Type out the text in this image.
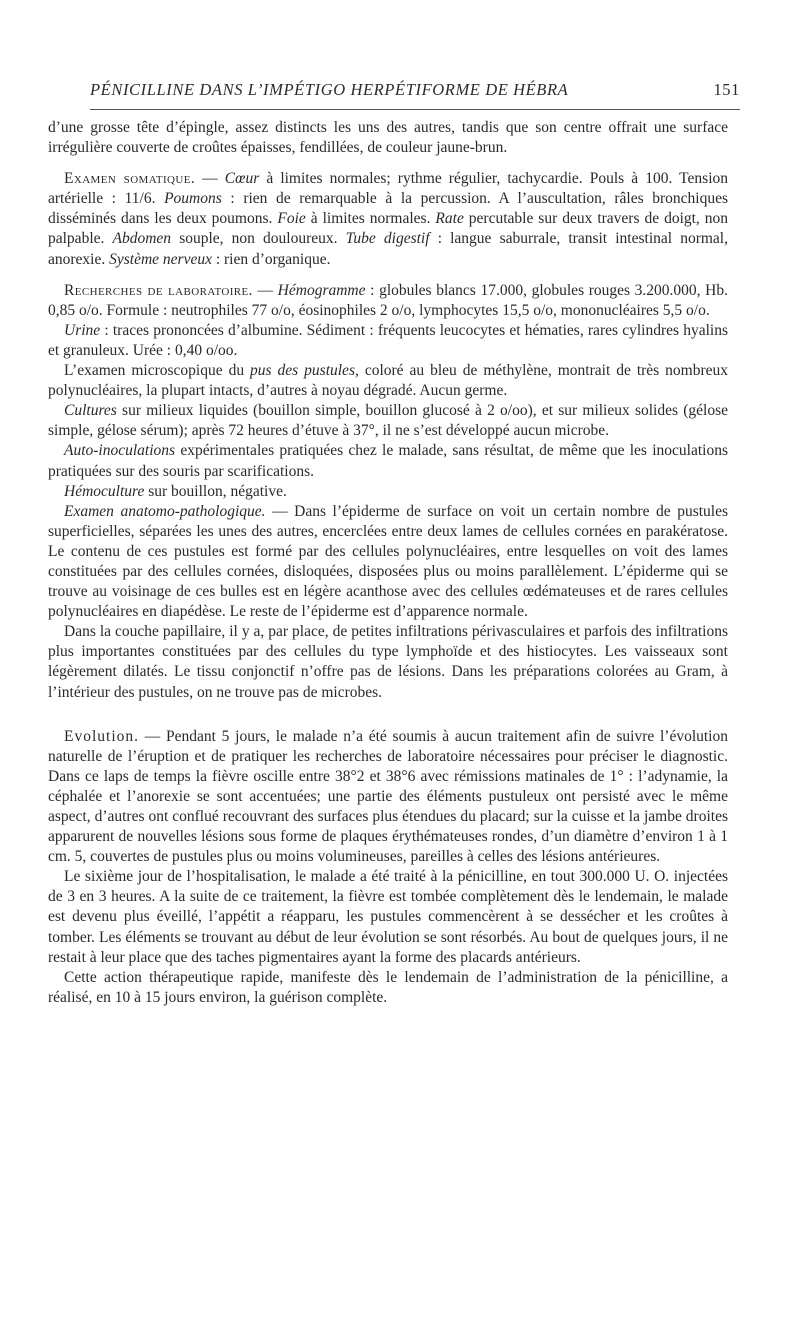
PÉNICILLINE DANS L’IMPÉTIGO HERPÉTIFORME DE HÉBRA	151

d’une grosse tête d’épingle, assez distincts les uns des autres, tandis que son centre offrait une surface irrégulière couverte de croûtes épaisses, fendillées, de couleur jaune-brun.

Examen somatique. — Cœur à limites normales; rythme régulier, tachycardie. Pouls à 100. Tension artérielle : 11/6. Poumons : rien de remarquable à la percussion. A l’auscultation, râles bronchiques disséminés dans les deux poumons. Foie à limites normales. Rate percutable sur deux travers de doigt, non palpable. Abdomen souple, non douloureux. Tube digestif : langue saburrale, transit intestinal normal, anorexie. Système nerveux : rien d’organique.

Recherches de laboratoire. — Hémogramme : globules blancs 17.000, globules rouges 3.200.000, Hb. 0,85 o/o. Formule : neutrophiles 77 o/o, éosinophiles 2 o/o, lymphocytes 15,5 o/o, mononucléaires 5,5 o/o.

Urine : traces prononcées d’albumine. Sédiment : fréquents leucocytes et hématies, rares cylindres hyalins et granuleux. Urée : 0,40 o/oo.

L’examen microscopique du pus des pustules, coloré au bleu de méthylène, montrait de très nombreux polynucléaires, la plupart intacts, d’autres à noyau dégradé. Aucun germe.

Cultures sur milieux liquides (bouillon simple, bouillon glucosé à 2 o/oo), et sur milieux solides (gélose simple, gélose sérum); après 72 heures d’étuve à 37°, il ne s’est développé aucun microbe.

Auto-inoculations expérimentales pratiquées chez le malade, sans résultat, de même que les inoculations pratiquées sur des souris par scarifications.

Hémoculture sur bouillon, négative.

Examen anatomo-pathologique. — Dans l’épiderme de surface on voit un certain nombre de pustules superficielles, séparées les unes des autres, encerclées entre deux lames de cellules cornées en parakératose. Le contenu de ces pustules est formé par des cellules polynucléaires, entre lesquelles on voit des lames constituées par des cellules cornées, disloquées, disposées plus ou moins parallèlement. L’épiderme qui se trouve au voisinage de ces bulles est en légère acanthose avec des cellules œdémateuses et de rares cellules polynucléaires en diapédèse. Le reste de l’épiderme est d’apparence normale.

Dans la couche papillaire, il y a, par place, de petites infiltrations périvasculaires et parfois des infiltrations plus importantes constituées par des cellules du type lymphoïde et des histiocytes. Les vaisseaux sont légèrement dilatés. Le tissu conjonctif n’offre pas de lésions. Dans les préparations colorées au Gram, à l’intérieur des pustules, on ne trouve pas de microbes.

Evolution. — Pendant 5 jours, le malade n’a été soumis à aucun traitement afin de suivre l’évolution naturelle de l’éruption et de pratiquer les recherches de laboratoire nécessaires pour préciser le diagnostic. Dans ce laps de temps la fièvre oscille entre 38°2 et 38°6 avec rémissions matinales de 1° : l’adynamie, la céphalée et l’anorexie se sont accentuées; une partie des éléments pustuleux ont persisté avec le même aspect, d’autres ont conflué recouvrant des surfaces plus étendues du placard; sur la cuisse et la jambe droites apparurent de nouvelles lésions sous forme de plaques érythémateuses rondes, d’un diamètre d’environ 1 à 1 cm. 5, couvertes de pustules plus ou moins volumineuses, pareilles à celles des lésions antérieures.

Le sixième jour de l’hospitalisation, le malade a été traité à la pénicilline, en tout 300.000 U. O. injectées de 3 en 3 heures. A la suite de ce traitement, la fièvre est tombée complètement dès le lendemain, le malade est devenu plus éveillé, l’appétit a réapparu, les pustules commencèrent à se dessécher et les croûtes à tomber. Les éléments se trouvant au début de leur évolution se sont résorbés. Au bout de quelques jours, il ne restait à leur place que des taches pigmentaires ayant la forme des placards antérieurs.

Cette action thérapeutique rapide, manifeste dès le lendemain de l’administration de la pénicilline, a réalisé, en 10 à 15 jours environ, la guérison complète.
